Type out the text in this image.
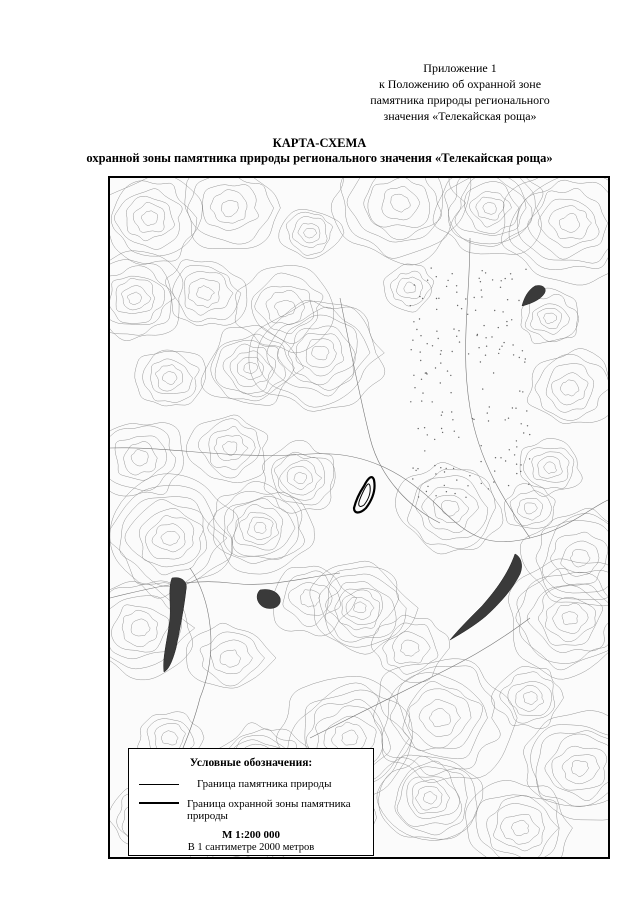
Приложение 1
к Положению об охранной зоне
памятника природы регионального
значения «Телекайская роща»
КАРТА-СХЕМА
охранной зоны памятника природы регионального значения «Телекайская роща»
Условные обозначения:
Граница памятника природы
Граница охранной зоны памятника природы
М 1:200 000
В 1 сантиметре 2000 метров
